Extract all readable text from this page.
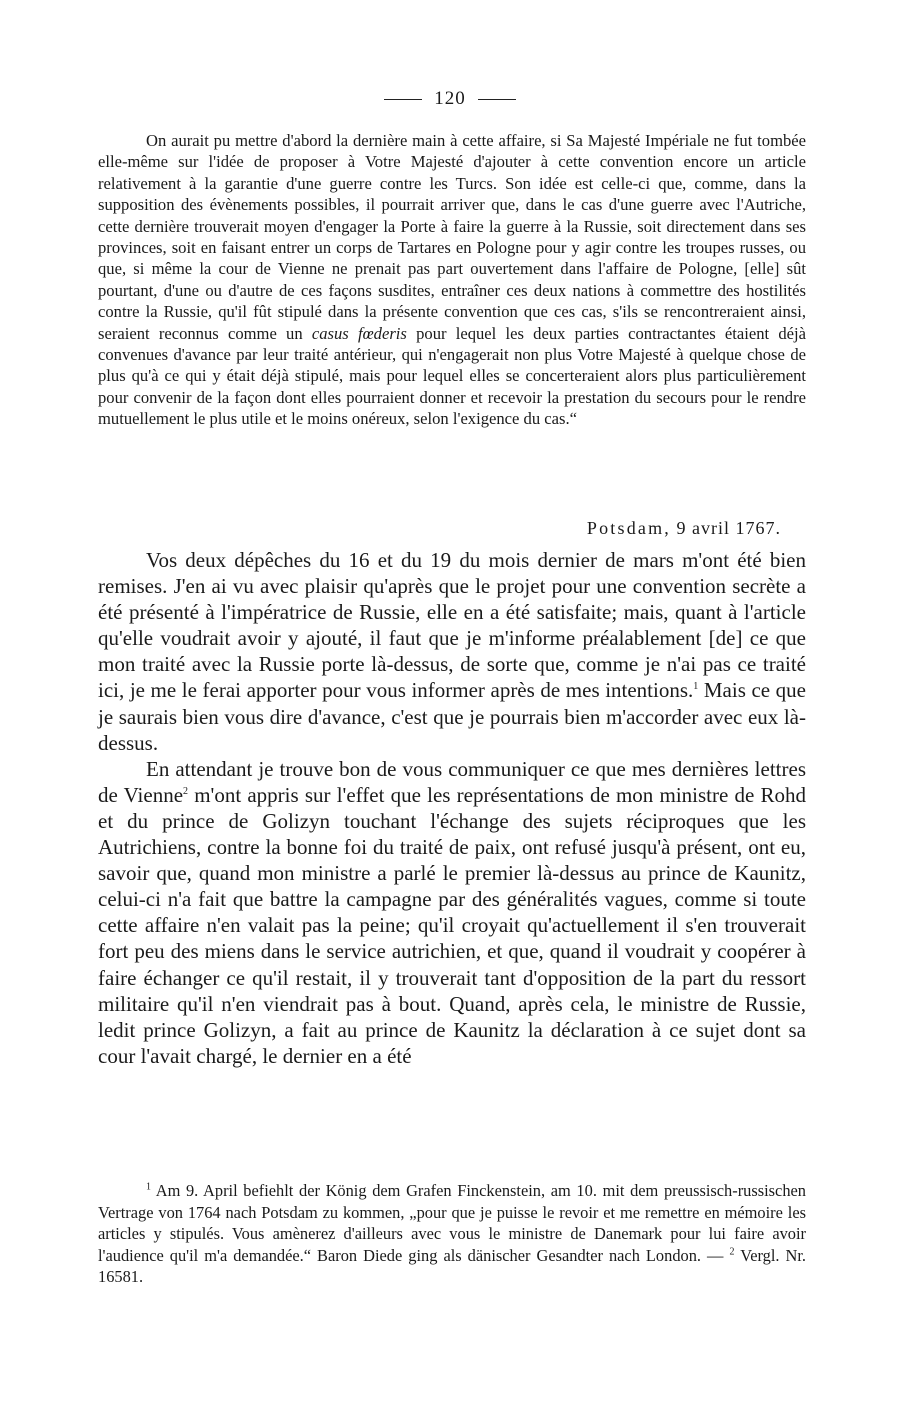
120

On aurait pu mettre d'abord la dernière main à cette affaire, si Sa Majesté Impériale ne fut tombée elle-même sur l'idée de proposer à Votre Majesté d'ajouter à cette convention encore un article relativement à la garantie d'une guerre contre les Turcs. Son idée est celle-ci que, comme, dans la supposition des évènements possibles, il pourrait arriver que, dans le cas d'une guerre avec l'Autriche, cette dernière trouverait moyen d'engager la Porte à faire la guerre à la Russie, soit directement dans ses provinces, soit en faisant entrer un corps de Tartares en Pologne pour y agir contre les troupes russes, ou que, si même la cour de Vienne ne prenait pas part ouvertement dans l'affaire de Pologne, [elle] sût pourtant, d'une ou d'autre de ces façons susdites, entraîner ces deux nations à commettre des hostilités contre la Russie, qu'il fût stipulé dans la présente convention que ces cas, s'ils se rencontreraient ainsi, seraient reconnus comme un casus fœderis pour lequel les deux parties contractantes étaient déjà convenues d'avance par leur traité antérieur, qui n'engagerait non plus Votre Majesté à quelque chose de plus qu'à ce qui y était déjà stipulé, mais pour lequel elles se concerteraient alors plus particulièrement pour convenir de la façon dont elles pourraient donner et recevoir la prestation du secours pour le rendre mutuellement le plus utile et le moins onéreux, selon l'exigence du cas.“

Potsdam, 9 avril 1767.

Vos deux dépêches du 16 et du 19 du mois dernier de mars m'ont été bien remises. J'en ai vu avec plaisir qu'après que le projet pour une convention secrète a été présenté à l'impératrice de Russie, elle en a été satisfaite; mais, quant à l'article qu'elle voudrait avoir y ajouté, il faut que je m'informe préalablement [de] ce que mon traité avec la Russie porte là-dessus, de sorte que, comme je n'ai pas ce traité ici, je me le ferai apporter pour vous informer après de mes intentions.$^1$ Mais ce que je saurais bien vous dire d'avance, c'est que je pourrais bien m'accorder avec eux là-dessus.

En attendant je trouve bon de vous communiquer ce que mes dernières lettres de Vienne$^2$ m'ont appris sur l'effet que les représentations de mon ministre de Rohd et du prince de Golizyn touchant l'échange des sujets réciproques que les Autrichiens, contre la bonne foi du traité de paix, ont refusé jusqu'à présent, ont eu, savoir que, quand mon ministre a parlé le premier là-dessus au prince de Kaunitz, celui-ci n'a fait que battre la campagne par des généralités vagues, comme si toute cette affaire n'en valait pas la peine; qu'il croyait qu'actuellement il s'en trouverait fort peu des miens dans le service autrichien, et que, quand il voudrait y coopérer à faire échanger ce qu'il restait, il y trouverait tant d'opposition de la part du ressort militaire qu'il n'en viendrait pas à bout. Quand, après cela, le ministre de Russie, ledit prince Golizyn, a fait au prince de Kaunitz la déclaration à ce sujet dont sa cour l'avait chargé, le dernier en a été

$^1$ Am 9. April befiehlt der König dem Grafen Finckenstein, am 10. mit dem preussisch-russischen Vertrage von 1764 nach Potsdam zu kommen, „pour que je puisse le revoir et me remettre en mémoire les articles y stipulés. Vous amènerez d'ailleurs avec vous le ministre de Danemark pour lui faire avoir l'audience qu'il m'a demandée.“ Baron Diede ging als dänischer Gesandter nach London. — $^2$ Vergl. Nr. 16581.
